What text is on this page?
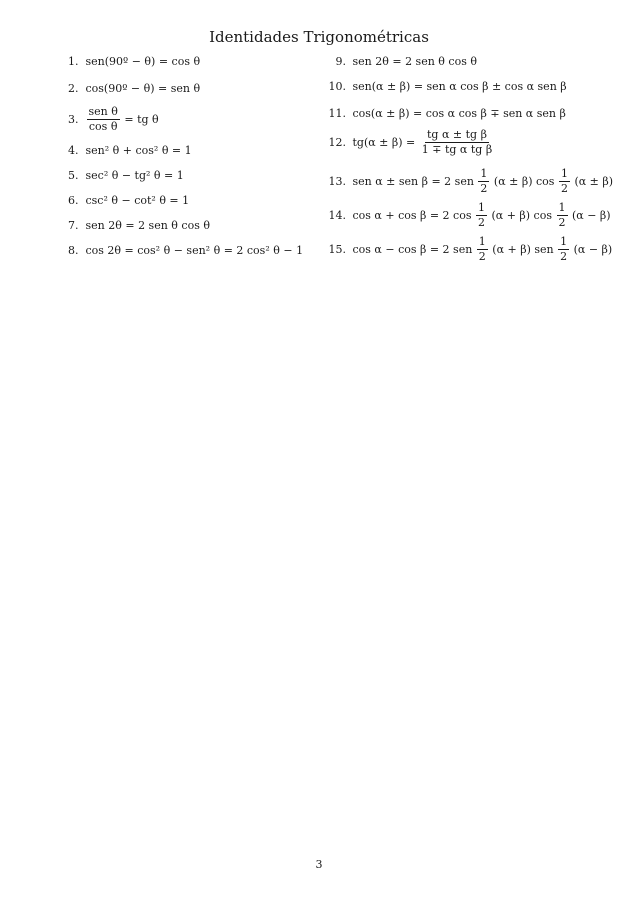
Identidades Trigonométricas
1. sen(90º − θ) = cos θ
2. cos(90º − θ) = sen θ
3. $\frac{\text{sen θ}}{\text{cos θ}}$ = tg θ
4. sen² θ + cos² θ = 1
5. sec² θ − tg² θ = 1
6. csc² θ − cot² θ = 1
7. sen 2θ = 2 sen θ cos θ
8. cos 2θ = cos² θ − sen² θ = 2 cos² θ − 1
9. sen 2θ = 2 sen θ cos θ
10. sen(α ± β) = sen α cos β ± cos α sen β
11. cos(α ± β) = cos α cos β ∓ sen α sen β
12. $tg(\alpha \pm \beta) = \frac{\text{tg α ± tg β}}{\text{1 ∓ tg α tg β}}$
13. sen α ± sen β = 2 sen $\frac{1}{2} (\alpha \pm \beta)$ $\cos \frac{1}{2} (\alpha \pm \beta)$
14. cos α + cos β = 2 $\cos \frac{1}{2} (\alpha + \beta)$ $\cos \frac{1}{2} (\alpha - \beta)$
15. cos α − cos β = 2 sen $\frac{1}{2} (\alpha + \beta)$ sen $\frac{1}{2} (\alpha - \beta)$
3
